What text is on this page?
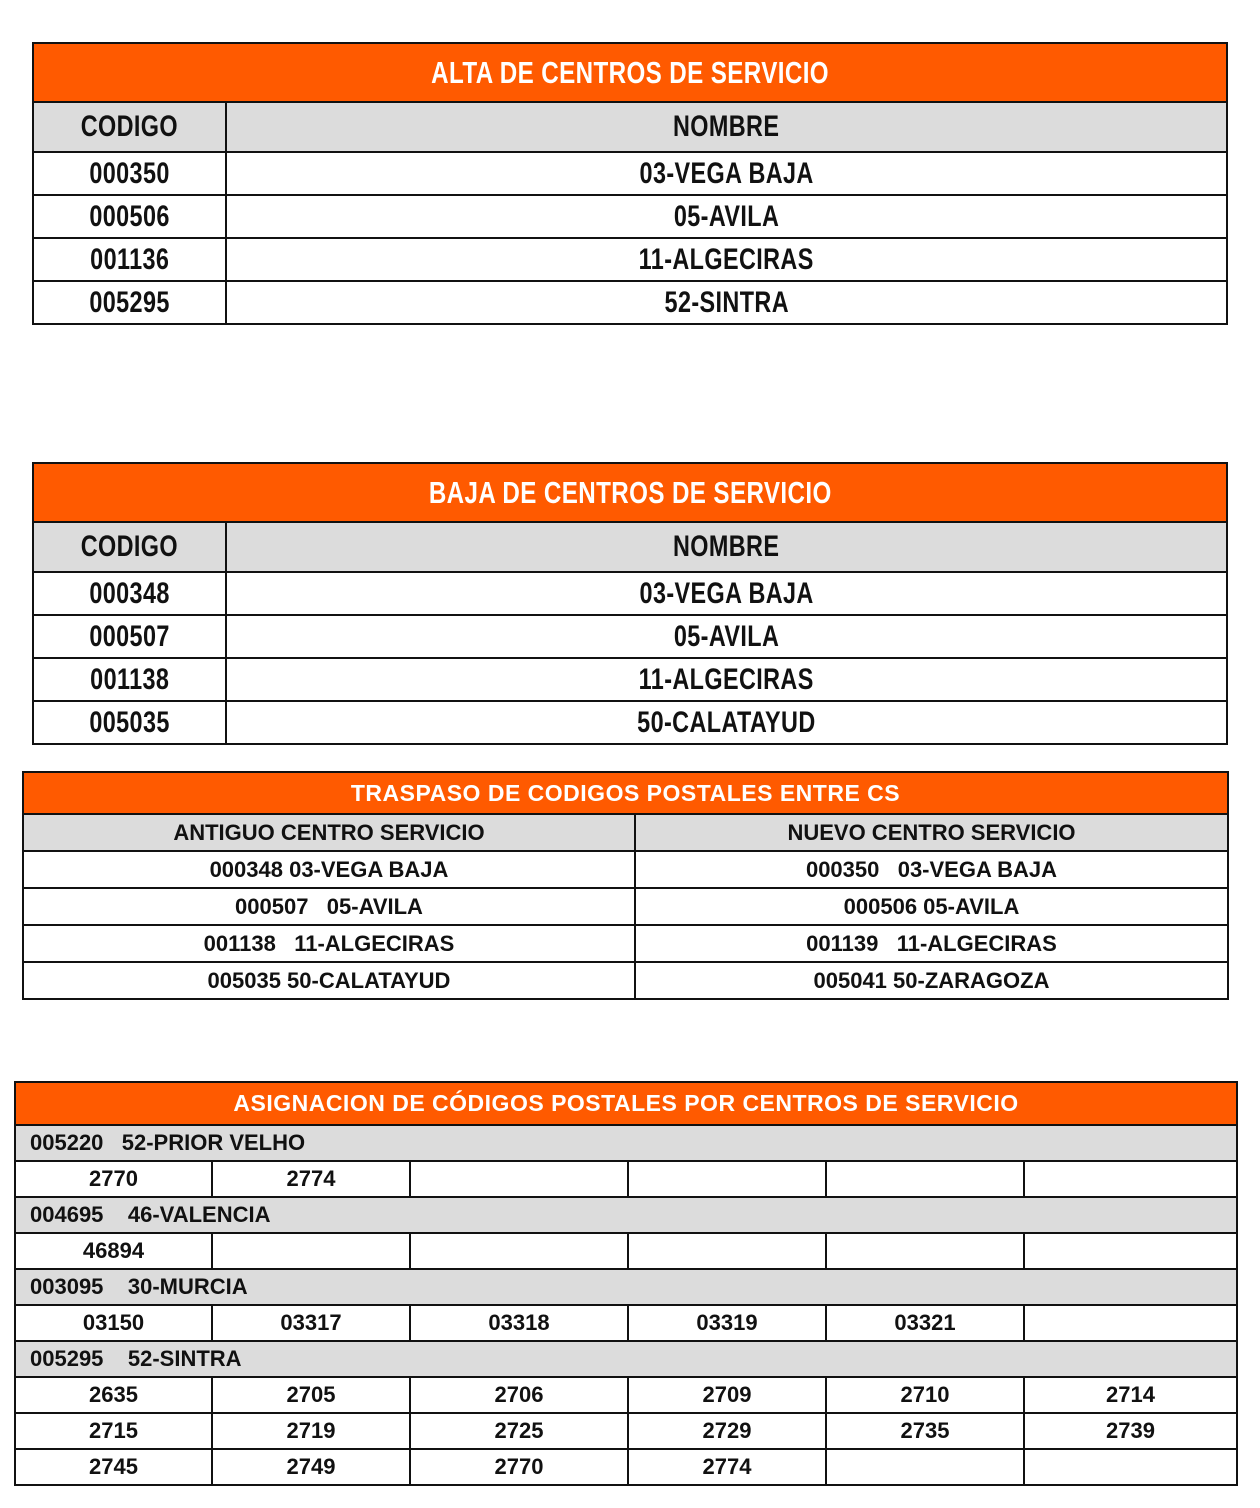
ALTA DE CENTROS DE SERVICIO	
CODIGO	NOMBRE
000350	03-VEGA BAJA
000506	05-AVILA
001136	11-ALGECIRAS
005295	52-SINTRA
BAJA DE CENTROS DE SERVICIO	
CODIGO	NOMBRE
000348	03-VEGA BAJA
000507	05-AVILA
001138	11-ALGECIRAS
005035	50-CALATAYUD
TRASPASO DE CODIGOS POSTALES ENTRE CS	
ANTIGUO CENTRO SERVICIO	NUEVO CENTRO SERVICIO
000348 03-VEGA BAJA	000350   03-VEGA BAJA
000507   05-AVILA	000506 05-AVILA
001138   11-ALGECIRAS	001139   11-ALGECIRAS
005035 50-CALATAYUD	005041 50-ZARAGOZA
ASIGNACION DE CÓDIGOS POSTALES POR CENTROS DE SERVICIO					
005220   52-PRIOR VELHO					
2770	2774				
004695    46-VALENCIA					
46894					
003095    30-MURCIA					
03150	03317	03318	03319	03321	
005295    52-SINTRA					
2635	2705	2706	2709	2710	2714
2715	2719	2725	2729	2735	2739
2745	2749	2770	2774		
